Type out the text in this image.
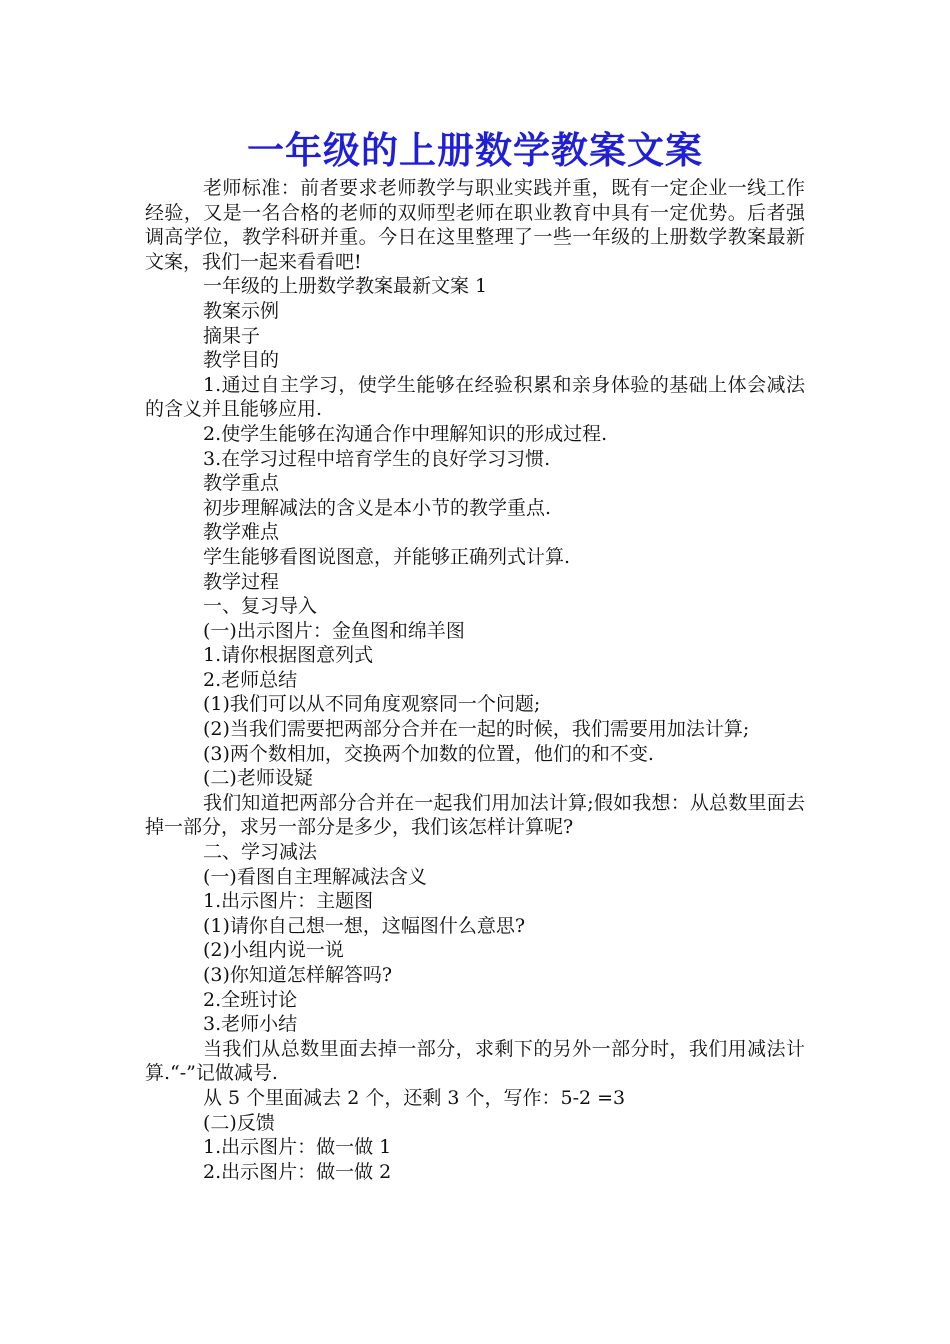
一年级的上册数学教案文案

老师标准：前者要求老师教学与职业实践并重，既有一定企业一线工作经验，又是一名合格的老师的双师型老师在职业教育中具有一定优势。后者强调高学位，教学科研并重。今日在这里整理了一些一年级的上册数学教案最新文案，我们一起来看看吧!

一年级的上册数学教案最新文案 1

教案示例

摘果子

教学目的

1.通过自主学习，使学生能够在经验积累和亲身体验的基础上体会减法的含义并且能够应用.

2.使学生能够在沟通合作中理解知识的形成过程.

3.在学习过程中培育学生的良好学习习惯.

教学重点

初步理解减法的含义是本小节的教学重点.

教学难点

学生能够看图说图意，并能够正确列式计算.

教学过程

一、复习导入

(一)出示图片：金鱼图和绵羊图

1.请你根据图意列式

2.老师总结

(1)我们可以从不同角度观察同一个问题;

(2)当我们需要把两部分合并在一起的时候，我们需要用加法计算;

(3)两个数相加，交换两个加数的位置，他们的和不变.

(二)老师设疑

我们知道把两部分合并在一起我们用加法计算;假如我想：从总数里面去掉一部分，求另一部分是多少，我们该怎样计算呢?

二、学习减法

(一)看图自主理解减法含义

1.出示图片：主题图

(1)请你自己想一想，这幅图什么意思?

(2)小组内说一说

(3)你知道怎样解答吗?

2.全班讨论

3.老师小结

当我们从总数里面去掉一部分，求剩下的另外一部分时，我们用减法计算.“-”记做减号.

从 5 个里面减去 2 个，还剩 3 个，写作：5-2 =3

(二)反馈

1.出示图片：做一做 1

2.出示图片：做一做 2
